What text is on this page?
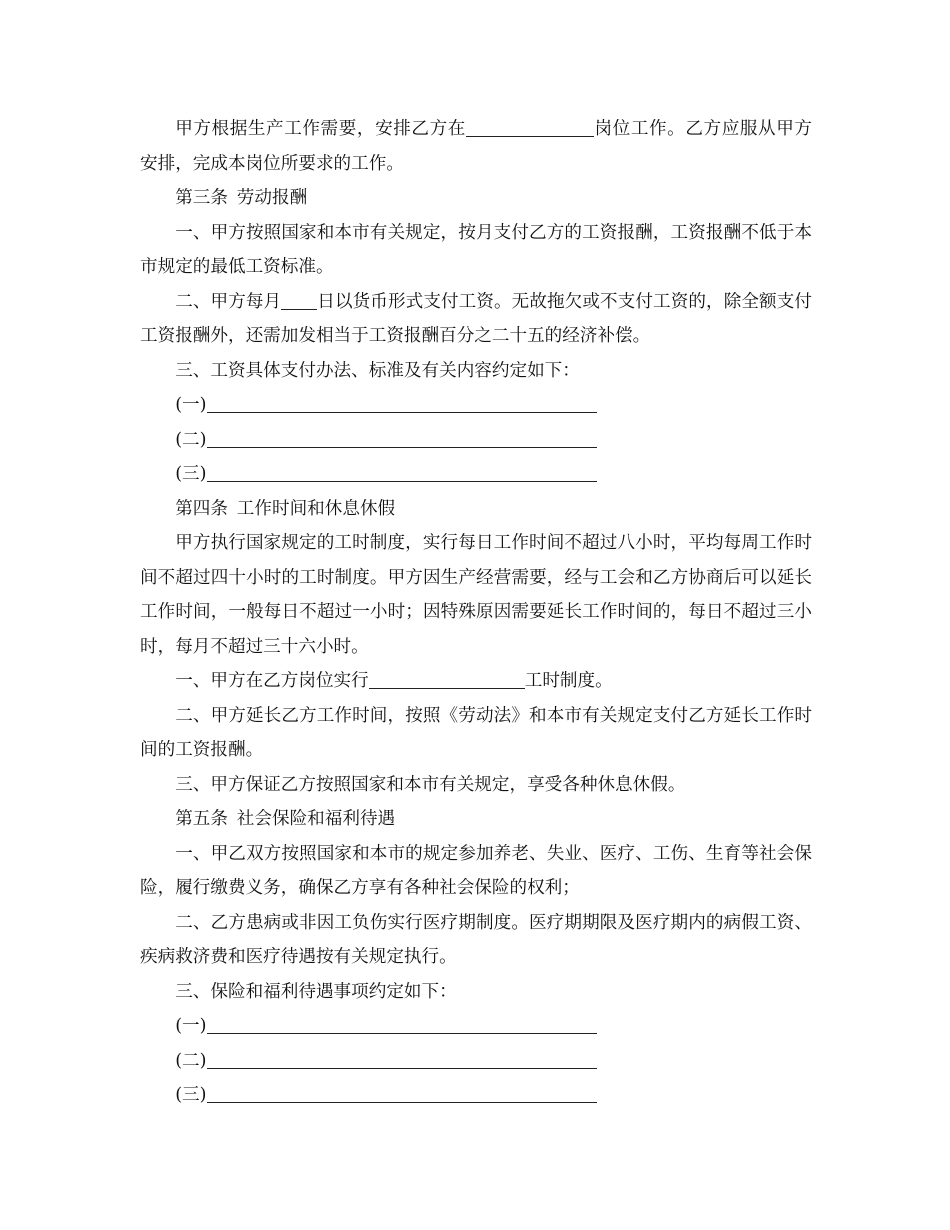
甲方根据生产工作需要，安排乙方在	岗位工作。乙方应服从甲方安排，完成本岗位所要求的工作。

第三条 劳动报酬

一、甲方按照国家和本市有关规定，按月支付乙方的工资报酬，工资报酬不低于本市规定的最低工资标准。

二、甲方每月 日以货币形式支付工资。无故拖欠或不支付工资的，除全额支付工资报酬外，还需加发相当于工资报酬百分之二十五的经济补偿。

三、工资具体支付办法、标准及有关内容约定如下：

(一)

(二)

(三)

第四条 工作时间和休息休假

甲方执行国家规定的工时制度，实行每日工作时间不超过八小时，平均每周工作时间不超过四十小时的工时制度。甲方因生产经营需要，经与工会和乙方协商后可以延长工作时间，一般每日不超过一小时；因特殊原因需要延长工作时间的，每日不超过三小时，每月不超过三十六小时。

一、甲方在乙方岗位实行	工时制度。

二、甲方延长乙方工作时间，按照《劳动法》和本市有关规定支付乙方延长工作时间的工资报酬。

三、甲方保证乙方按照国家和本市有关规定，享受各种休息休假。

第五条 社会保险和福利待遇

一、甲乙双方按照国家和本市的规定参加养老、失业、医疗、工伤、生育等社会保险，履行缴费义务，确保乙方享有各种社会保险的权利；

二、乙方患病或非因工负伤实行医疗期制度。医疗期期限及医疗期内的病假工资、疾病救济费和医疗待遇按有关规定执行。

三、保险和福利待遇事项约定如下：

(一)

(二)

(三)
